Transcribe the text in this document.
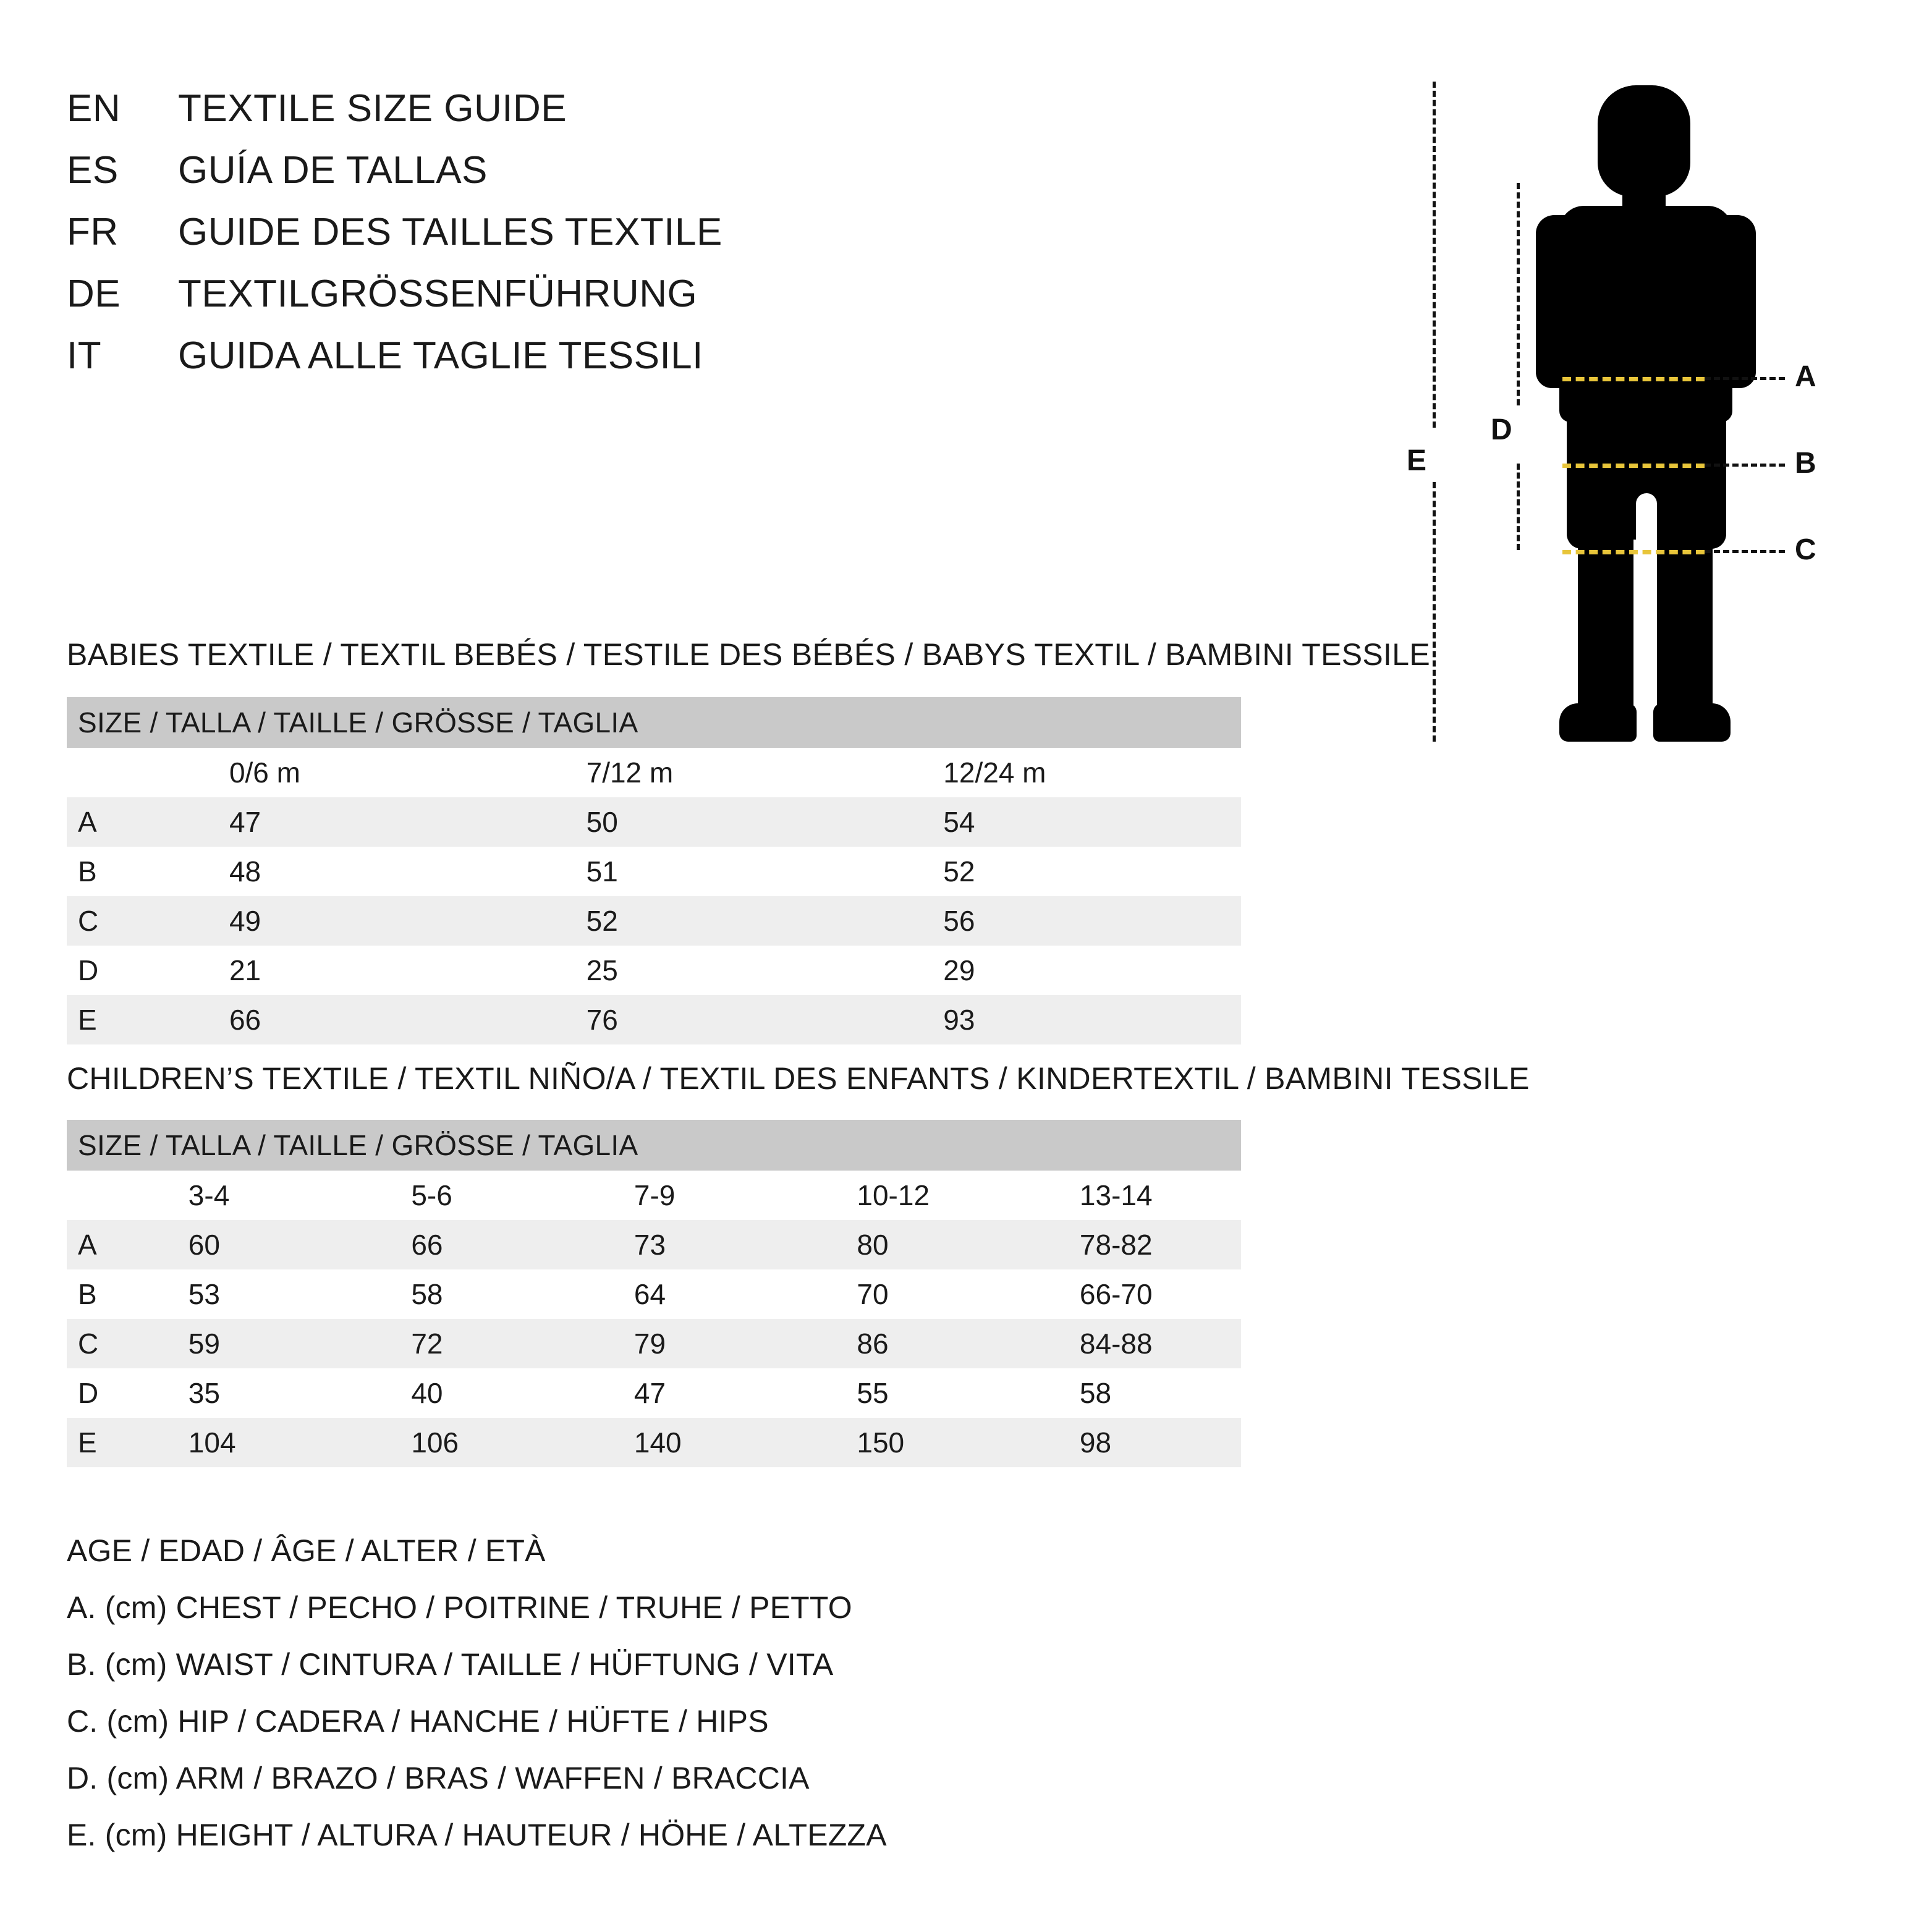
EN	TEXTILE SIZE GUIDE
ES	GUÍA DE TALLAS
FR	GUIDE DES TAILLES TEXTILE
DE	TEXTILGRÖSSENFÜHRUNG
IT	GUIDA ALLE TAGLIE TESSILI	A
B
C
D
E
BABIES TEXTILE / TEXTIL BEBÉS / TESTILE DES BÉBÉS / BABYS TEXTIL / BAMBINI TESSILE
SIZE / TALLA / TAILLE / GRÖSSE / TAGLIA			
	0/6 m	7/12 m	12/24 m
A	47	50	54
B	48	51	52
C	49	52	56
D	21	25	29
E	66	76	93
CHILDREN’S TEXTILE / TEXTIL NIÑO/A / TEXTIL DES ENFANTS / KINDERTEXTIL / BAMBINI TESSILE
SIZE / TALLA / TAILLE / GRÖSSE / TAGLIA					
	3-4	5-6	7-9	10-12	13-14
A	60	66	73	80	78-82
B	53	58	64	70	66-70
C	59	72	79	86	84-88
D	35	40	47	55	58
E	104	106	140	150	98
AGE / EDAD / ÂGE / ALTER / ETÀ
A. (cm) CHEST / PECHO / POITRINE / TRUHE / PETTO
B. (cm) WAIST / CINTURA / TAILLE / HÜFTUNG / VITA
C. (cm) HIP / CADERA / HANCHE / HÜFTE / HIPS
D. (cm) ARM / BRAZO / BRAS / WAFFEN / BRACCIA
E. (cm) HEIGHT / ALTURA / HAUTEUR / HÖHE / ALTEZZA
